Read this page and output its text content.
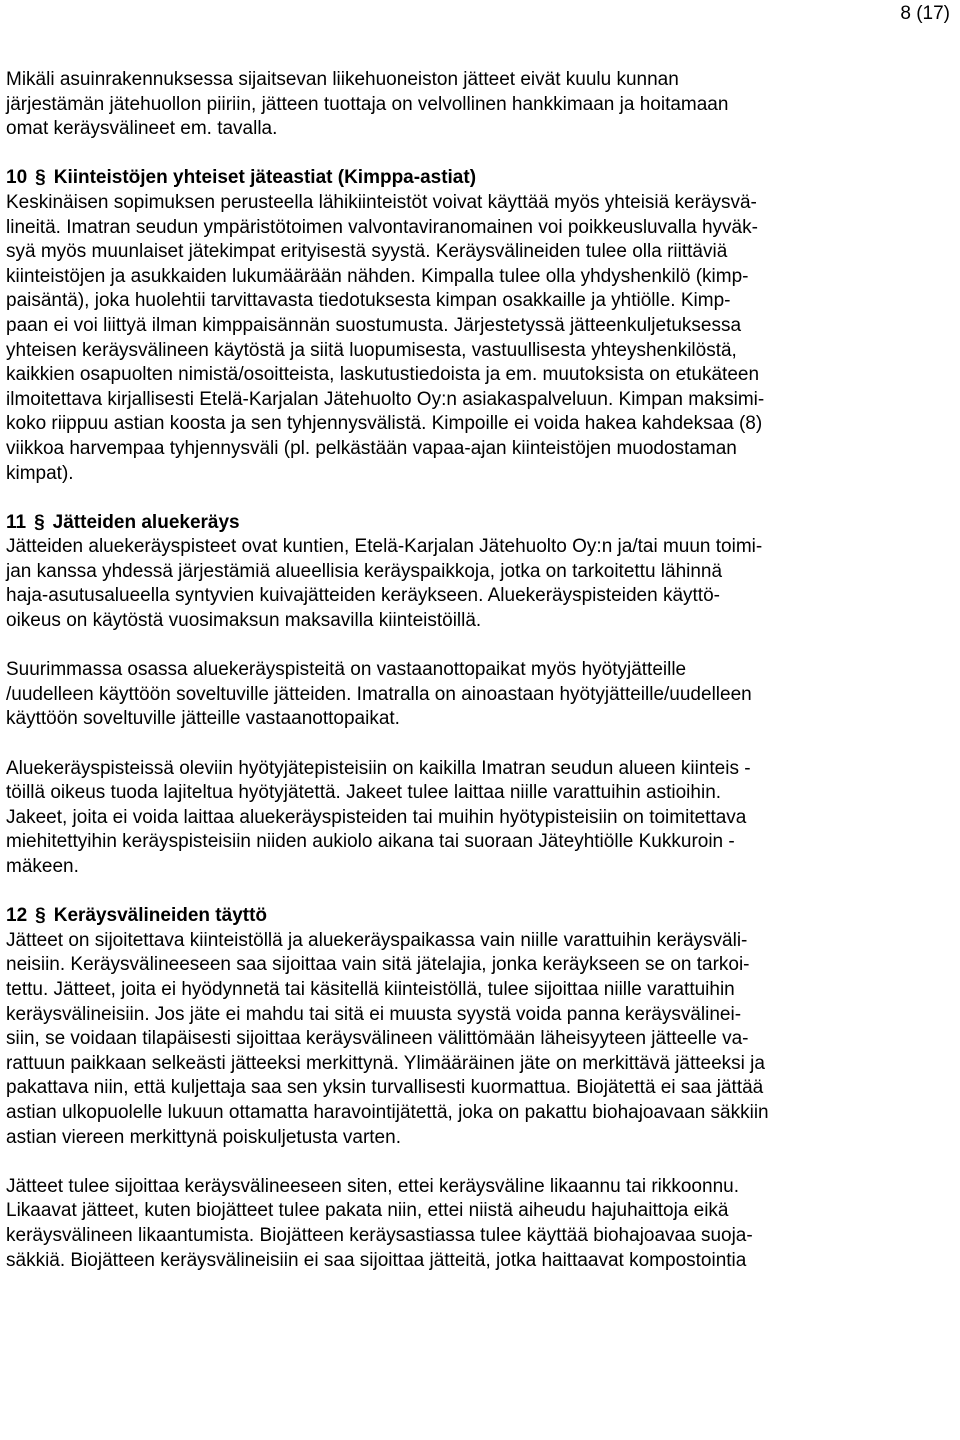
8 (17)

Mikäli asuinrakennuksessa sijaitsevan liikehuoneiston jätteet eivät kuulu kunnan

järjestämän jätehuollon piiriin, jätteen tuottaja on velvollinen hankkimaan ja hoitamaan

omat keräysvälineet em. tavalla.

10 § Kiinteistöjen yhteiset jäteastiat (Kimppa-astiat)

Keskinäisen sopimuksen perusteella lähikiinteistöt voivat käyttää myös yhteisiä keräysvä-

lineitä. Imatran seudun ympäristötoimen valvontaviranomainen voi poikkeusluvalla hyväk-

syä myös muunlaiset jätekimpat erityisestä syystä. Keräysvälineiden tulee olla riittäviä

kiinteistöjen ja asukkaiden lukumäärään nähden. Kimpalla tulee olla yhdyshenkilö (kimp-

paisäntä), joka huolehtii tarvittavasta tiedotuksesta kimpan osakkaille ja yhtiölle. Kimp-

paan ei voi liittyä ilman kimppaisännän suostumusta. Järjestetyssä jätteenkuljetuksessa

yhteisen keräysvälineen käytöstä ja siitä luopumisesta, vastuullisesta yhteyshenkilöstä,

kaikkien osapuolten nimistä/osoitteista, laskutustiedoista ja em. muutoksista on etukäteen

ilmoitettava kirjallisesti Etelä-Karjalan Jätehuolto Oy:n asiakaspalveluun. Kimpan maksimi-

koko riippuu astian koosta ja sen tyhjennysvälistä. Kimpoille ei voida hakea kahdeksaa (8)

viikkoa harvempaa tyhjennysväli (pl. pelkästään vapaa-ajan kiinteistöjen muodostaman

kimpat).

11 § Jätteiden aluekeräys

Jätteiden aluekeräyspisteet ovat kuntien, Etelä-Karjalan Jätehuolto Oy:n ja/tai muun toimi-

jan kanssa yhdessä järjestämiä alueellisia keräyspaikkoja, jotka on tarkoitettu lähinnä

haja-asutusalueella syntyvien kuivajätteiden keräykseen. Aluekeräyspisteiden käyttö-

oikeus on käytöstä vuosimaksun maksavilla kiinteistöillä.

Suurimmassa osassa aluekeräyspisteitä on vastaanottopaikat myös hyötyjätteille

/uudelleen käyttöön soveltuville jätteiden. Imatralla on ainoastaan hyötyjätteille/uudelleen

käyttöön soveltuville jätteille vastaanottopaikat.

Aluekeräyspisteissä oleviin hyötyjätepisteisiin on kaikilla Imatran seudun alueen kiinteis -

töillä oikeus tuoda lajiteltua hyötyjätettä. Jakeet tulee laittaa niille varattuihin astioihin.

Jakeet, joita ei voida laittaa aluekeräyspisteiden tai muihin hyötypisteisiin on toimitettava

miehitettyihin keräyspisteisiin niiden aukiolo aikana tai suoraan Jäteyhtiölle Kukkuroin -

mäkeen.

12 § Keräysvälineiden täyttö

Jätteet on sijoitettava kiinteistöllä ja aluekeräyspaikassa vain niille varattuihin keräysväli-

neisiin. Keräysvälineeseen saa sijoittaa vain sitä jätelajia, jonka keräykseen se on tarkoi-

tettu. Jätteet, joita ei hyödynnetä tai käsitellä kiinteistöllä, tulee sijoittaa niille varattuihin

keräysvälineisiin. Jos jäte ei mahdu tai sitä ei muusta syystä voida panna keräysvälinei-

siin, se voidaan tilapäisesti sijoittaa keräysvälineen välittömään läheisyyteen jätteelle va-

rattuun paikkaan selkeästi jätteeksi merkittynä. Ylimääräinen jäte on merkittävä jätteeksi ja

pakattava niin, että kuljettaja saa sen yksin turvallisesti kuormattua. Biojätettä ei saa jättää

astian ulkopuolelle lukuun ottamatta haravointijätettä, joka on pakattu biohajoavaan säkkiin

astian viereen merkittynä poiskuljetusta varten.

Jätteet tulee sijoittaa keräysvälineeseen siten, ettei keräysväline likaannu tai rikkoonnu.

Likaavat jätteet, kuten biojätteet tulee pakata niin, ettei niistä aiheudu hajuhaittoja eikä

keräysvälineen likaantumista. Biojätteen keräysastiassa tulee käyttää biohajoavaa suoja-

säkkiä. Biojätteen keräysvälineisiin ei saa sijoittaa jätteitä, jotka haittaavat kompostointia
